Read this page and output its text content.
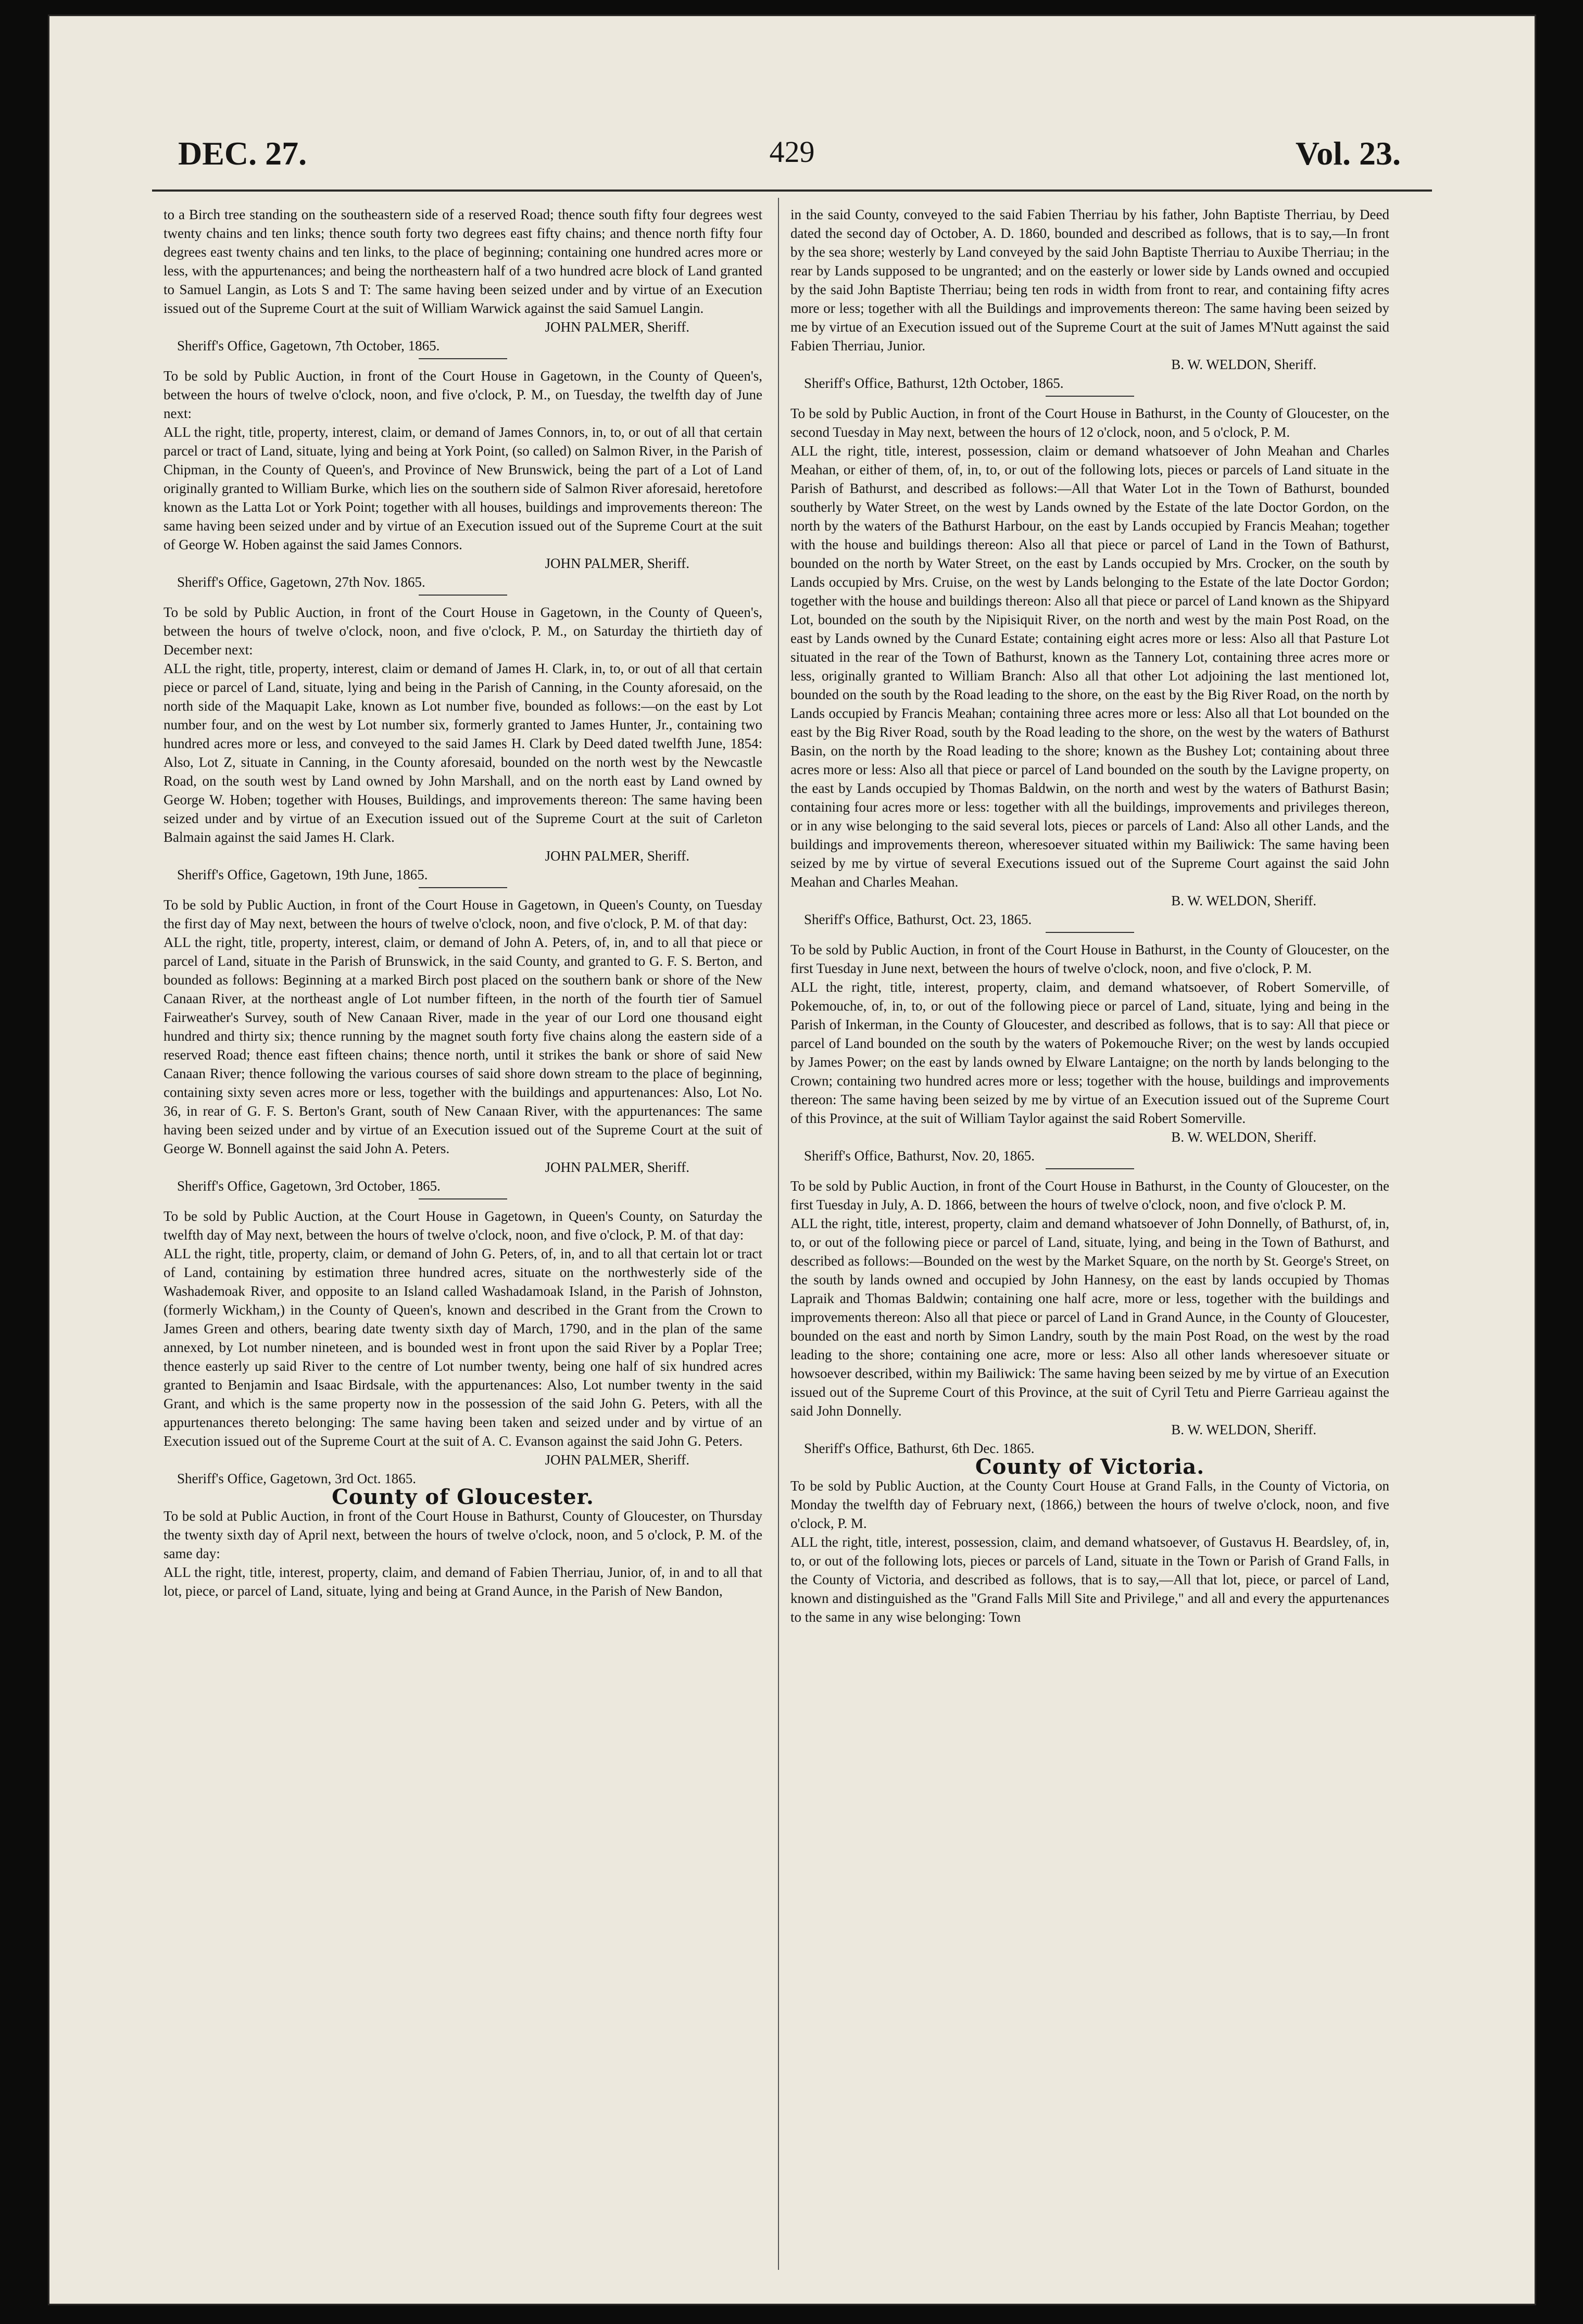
DEC. 27.	429	Vol. 23.

to a Birch tree standing on the southeastern side of a reserved Road; thence south fifty four degrees west twenty chains and ten links; thence south forty two degrees east fifty chains; and thence north fifty four degrees east twenty chains and ten links, to the place of beginning; containing one hundred acres more or less, with the appurtenances; and being the northeastern half of a two hundred acre block of Land granted to Samuel Langin, as Lots S and T: The same having been seized under and by virtue of an Execution issued out of the Supreme Court at the suit of William Warwick against the said Samuel Langin.

JOHN PALMER, Sheriff.

Sheriff's Office, Gagetown, 7th October, 1865.

To be sold by Public Auction, in front of the Court House in Gagetown, in the County of Queen's, between the hours of twelve o'clock, noon, and five o'clock, P. M., on Tuesday, the twelfth day of June next:

ALL the right, title, property, interest, claim, or demand of James Connors, in, to, or out of all that certain parcel or tract of Land, situate, lying and being at York Point, (so called) on Salmon River, in the Parish of Chipman, in the County of Queen's, and Province of New Brunswick, being the part of a Lot of Land originally granted to William Burke, which lies on the southern side of Salmon River aforesaid, heretofore known as the Latta Lot or York Point; together with all houses, buildings and improvements thereon: The same having been seized under and by virtue of an Execution issued out of the Supreme Court at the suit of George W. Hoben against the said James Connors.

JOHN PALMER, Sheriff.

Sheriff's Office, Gagetown, 27th Nov. 1865.

To be sold by Public Auction, in front of the Court House in Gagetown, in the County of Queen's, between the hours of twelve o'clock, noon, and five o'clock, P. M., on Saturday the thirtieth day of December next:

ALL the right, title, property, interest, claim or demand of James H. Clark, in, to, or out of all that certain piece or parcel of Land, situate, lying and being in the Parish of Canning, in the County aforesaid, on the north side of the Maquapit Lake, known as Lot number five, bounded as follows:—on the east by Lot number four, and on the west by Lot number six, formerly granted to James Hunter, Jr., containing two hundred acres more or less, and conveyed to the said James H. Clark by Deed dated twelfth June, 1854: Also, Lot Z, situate in Canning, in the County aforesaid, bounded on the north west by the Newcastle Road, on the south west by Land owned by John Marshall, and on the north east by Land owned by George W. Hoben; together with Houses, Buildings, and improvements thereon: The same having been seized under and by virtue of an Execution issued out of the Supreme Court at the suit of Carleton Balmain against the said James H. Clark.

JOHN PALMER, Sheriff.

Sheriff's Office, Gagetown, 19th June, 1865.

To be sold by Public Auction, in front of the Court House in Gagetown, in Queen's County, on Tuesday the first day of May next, between the hours of twelve o'clock, noon, and five o'clock, P. M. of that day:

ALL the right, title, property, interest, claim, or demand of John A. Peters, of, in, and to all that piece or parcel of Land, situate in the Parish of Brunswick, in the said County, and granted to G. F. S. Berton, and bounded as follows: Beginning at a marked Birch post placed on the southern bank or shore of the New Canaan River, at the northeast angle of Lot number fifteen, in the north of the fourth tier of Samuel Fairweather's Survey, south of New Canaan River, made in the year of our Lord one thousand eight hundred and thirty six; thence running by the magnet south forty five chains along the eastern side of a reserved Road; thence east fifteen chains; thence north, until it strikes the bank or shore of said New Canaan River; thence following the various courses of said shore down stream to the place of beginning, containing sixty seven acres more or less, together with the buildings and appurtenances: Also, Lot No. 36, in rear of G. F. S. Berton's Grant, south of New Canaan River, with the appurtenances: The same having been seized under and by virtue of an Execution issued out of the Supreme Court at the suit of George W. Bonnell against the said John A. Peters.

JOHN PALMER, Sheriff.

Sheriff's Office, Gagetown, 3rd October, 1865.

To be sold by Public Auction, at the Court House in Gagetown, in Queen's County, on Saturday the twelfth day of May next, between the hours of twelve o'clock, noon, and five o'clock, P. M. of that day:

ALL the right, title, property, claim, or demand of John G. Peters, of, in, and to all that certain lot or tract of Land, containing by estimation three hundred acres, situate on the northwesterly side of the Washademoak River, and opposite to an Island called Washadamoak Island, in the Parish of Johnston, (formerly Wickham,) in the County of Queen's, known and described in the Grant from the Crown to James Green and others, bearing date twenty sixth day of March, 1790, and in the plan of the same annexed, by Lot number nineteen, and is bounded west in front upon the said River by a Poplar Tree; thence easterly up said River to the centre of Lot number twenty, being one half of six hundred acres granted to Benjamin and Isaac Birdsale, with the appurtenances: Also, Lot number twenty in the said Grant, and which is the same property now in the possession of the said John G. Peters, with all the appurtenances thereto belonging: The same having been taken and seized under and by virtue of an Execution issued out of the Supreme Court at the suit of A. C. Evanson against the said John G. Peters.

JOHN PALMER, Sheriff.

Sheriff's Office, Gagetown, 3rd Oct. 1865.

County of Gloucester.

To be sold at Public Auction, in front of the Court House in Bathurst, County of Gloucester, on Thursday the twenty sixth day of April next, between the hours of twelve o'clock, noon, and 5 o'clock, P. M. of the same day:

ALL the right, title, interest, property, claim, and demand of Fabien Therriau, Junior, of, in and to all that lot, piece, or parcel of Land, situate, lying and being at Grand Aunce, in the Parish of New Bandon,

in the said County, conveyed to the said Fabien Therriau by his father, John Baptiste Therriau, by Deed dated the second day of October, A. D. 1860, bounded and described as follows, that is to say,—In front by the sea shore; westerly by Land conveyed by the said John Baptiste Therriau to Auxibe Therriau; in the rear by Lands supposed to be ungranted; and on the easterly or lower side by Lands owned and occupied by the said John Baptiste Therriau; being ten rods in width from front to rear, and containing fifty acres more or less; together with all the Buildings and improvements thereon: The same having been seized by me by virtue of an Execution issued out of the Supreme Court at the suit of James M'Nutt against the said Fabien Therriau, Junior.

B. W. WELDON, Sheriff.

Sheriff's Office, Bathurst, 12th October, 1865.

To be sold by Public Auction, in front of the Court House in Bathurst, in the County of Gloucester, on the second Tuesday in May next, between the hours of 12 o'clock, noon, and 5 o'clock, P. M.

ALL the right, title, interest, possession, claim or demand whatsoever of John Meahan and Charles Meahan, or either of them, of, in, to, or out of the following lots, pieces or parcels of Land situate in the Parish of Bathurst, and described as follows:—All that Water Lot in the Town of Bathurst, bounded southerly by Water Street, on the west by Lands owned by the Estate of the late Doctor Gordon, on the north by the waters of the Bathurst Harbour, on the east by Lands occupied by Francis Meahan; together with the house and buildings thereon: Also all that piece or parcel of Land in the Town of Bathurst, bounded on the north by Water Street, on the east by Lands occupied by Mrs. Crocker, on the south by Lands occupied by Mrs. Cruise, on the west by Lands belonging to the Estate of the late Doctor Gordon; together with the house and buildings thereon: Also all that piece or parcel of Land known as the Shipyard Lot, bounded on the south by the Nipisiquit River, on the north and west by the main Post Road, on the east by Lands owned by the Cunard Estate; containing eight acres more or less: Also all that Pasture Lot situated in the rear of the Town of Bathurst, known as the Tannery Lot, containing three acres more or less, originally granted to William Branch: Also all that other Lot adjoining the last mentioned lot, bounded on the south by the Road leading to the shore, on the east by the Big River Road, on the north by Lands occupied by Francis Meahan; containing three acres more or less: Also all that Lot bounded on the east by the Big River Road, south by the Road leading to the shore, on the west by the waters of Bathurst Basin, on the north by the Road leading to the shore; known as the Bushey Lot; containing about three acres more or less: Also all that piece or parcel of Land bounded on the south by the Lavigne property, on the east by Lands occupied by Thomas Baldwin, on the north and west by the waters of Bathurst Basin; containing four acres more or less: together with all the buildings, improvements and privileges thereon, or in any wise belonging to the said several lots, pieces or parcels of Land: Also all other Lands, and the buildings and improvements thereon, wheresoever situated within my Bailiwick: The same having been seized by me by virtue of several Executions issued out of the Supreme Court against the said John Meahan and Charles Meahan.

B. W. WELDON, Sheriff.

Sheriff's Office, Bathurst, Oct. 23, 1865.

To be sold by Public Auction, in front of the Court House in Bathurst, in the County of Gloucester, on the first Tuesday in June next, between the hours of twelve o'clock, noon, and five o'clock, P. M.

ALL the right, title, interest, property, claim, and demand whatsoever, of Robert Somerville, of Pokemouche, of, in, to, or out of the following piece or parcel of Land, situate, lying and being in the Parish of Inkerman, in the County of Gloucester, and described as follows, that is to say: All that piece or parcel of Land bounded on the south by the waters of Pokemouche River; on the west by lands occupied by James Power; on the east by lands owned by Elware Lantaigne; on the north by lands belonging to the Crown; containing two hundred acres more or less; together with the house, buildings and improvements thereon: The same having been seized by me by virtue of an Execution issued out of the Supreme Court of this Province, at the suit of William Taylor against the said Robert Somerville.

B. W. WELDON, Sheriff.

Sheriff's Office, Bathurst, Nov. 20, 1865.

To be sold by Public Auction, in front of the Court House in Bathurst, in the County of Gloucester, on the first Tuesday in July, A. D. 1866, between the hours of twelve o'clock, noon, and five o'clock P. M.

ALL the right, title, interest, property, claim and demand whatsoever of John Donnelly, of Bathurst, of, in, to, or out of the following piece or parcel of Land, situate, lying, and being in the Town of Bathurst, and described as follows:—Bounded on the west by the Market Square, on the north by St. George's Street, on the south by lands owned and occupied by John Hannesy, on the east by lands occupied by Thomas Lapraik and Thomas Baldwin; containing one half acre, more or less, together with the buildings and improvements thereon: Also all that piece or parcel of Land in Grand Aunce, in the County of Gloucester, bounded on the east and north by Simon Landry, south by the main Post Road, on the west by the road leading to the shore; containing one acre, more or less: Also all other lands wheresoever situate or howsoever described, within my Bailiwick: The same having been seized by me by virtue of an Execution issued out of the Supreme Court of this Province, at the suit of Cyril Tetu and Pierre Garrieau against the said John Donnelly.

B. W. WELDON, Sheriff.

Sheriff's Office, Bathurst, 6th Dec. 1865.

County of Victoria.

To be sold by Public Auction, at the County Court House at Grand Falls, in the County of Victoria, on Monday the twelfth day of February next, (1866,) between the hours of twelve o'clock, noon, and five o'clock, P. M.

ALL the right, title, interest, possession, claim, and demand whatsoever, of Gustavus H. Beardsley, of, in, to, or out of the following lots, pieces or parcels of Land, situate in the Town or Parish of Grand Falls, in the County of Victoria, and described as follows, that is to say,—All that lot, piece, or parcel of Land, known and distinguished as the "Grand Falls Mill Site and Privilege," and all and every the appurtenances to the same in any wise belonging: Town
